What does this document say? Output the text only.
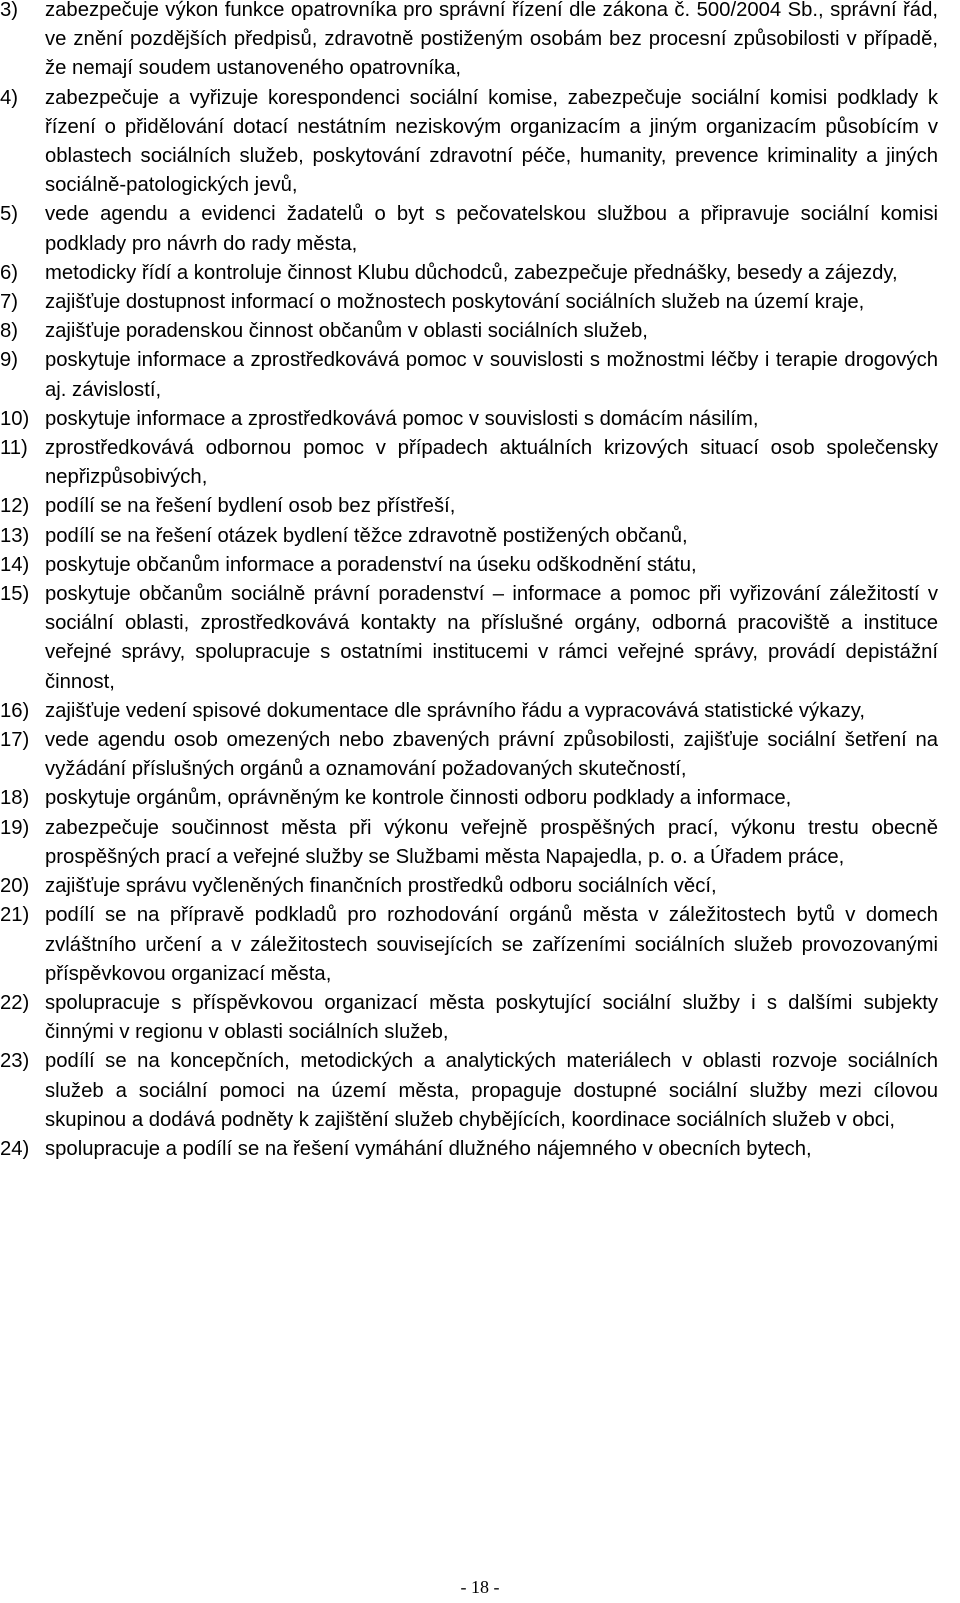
3)	zabezpečuje výkon funkce opatrovníka pro správní řízení dle zákona č. 500/2004 Sb., správní řád, ve znění pozdějších předpisů, zdravotně postiženým osobám bez procesní způsobilosti v případě, že nemají soudem ustanoveného opatrovníka,
4)	zabezpečuje a vyřizuje korespondenci sociální komise, zabezpečuje sociální komisi podklady k řízení o přidělování dotací nestátním neziskovým organizacím a jiným organizacím působícím v oblastech sociálních služeb, poskytování zdravotní péče, humanity, prevence kriminality a jiných sociálně-patologických jevů,
5)	vede agendu a evidenci žadatelů o byt s pečovatelskou službou a připravuje sociální komisi podklady pro návrh do rady města,
6)	metodicky řídí a kontroluje činnost Klubu důchodců, zabezpečuje přednášky, besedy a zájezdy,
7)	zajišťuje dostupnost informací o možnostech poskytování sociálních služeb na území kraje,
8)	zajišťuje poradenskou činnost občanům v oblasti sociálních služeb,
9)	poskytuje informace a zprostředkovává pomoc v souvislosti s možnostmi léčby i terapie drogových aj. závislostí,
10) poskytuje informace a zprostředkovává pomoc v souvislosti s domácím násilím,
11) zprostředkovává odbornou pomoc v případech aktuálních krizových situací osob společensky nepřizpůsobivých,
12) podílí se na řešení bydlení osob bez přístřeší,
13) podílí se na řešení otázek bydlení těžce zdravotně postižených občanů,
14) poskytuje občanům informace a poradenství na úseku odškodnění státu,
15) poskytuje občanům sociálně právní poradenství – informace a pomoc při vyřizování záležitostí v sociální oblasti, zprostředkovává kontakty na příslušné orgány, odborná pracoviště a instituce veřejné správy, spolupracuje s ostatními institucemi v rámci veřejné správy, provádí depistážní činnost,
16) zajišťuje vedení spisové dokumentace dle správního řádu a vypracovává statistické výkazy,
17) vede agendu osob omezených nebo zbavených právní způsobilosti, zajišťuje sociální šetření na vyžádání příslušných orgánů a oznamování požadovaných skutečností,
18) poskytuje orgánům, oprávněným ke kontrole činnosti odboru podklady a informace,
19) zabezpečuje součinnost města při výkonu veřejně prospěšných prací, výkonu trestu obecně prospěšných prací a veřejné služby se Službami města Napajedla, p. o. a Úřadem práce,
20) zajišťuje správu vyčleněných finančních prostředků odboru sociálních věcí,
21) podílí se na přípravě podkladů pro rozhodování orgánů města v záležitostech bytů v domech zvláštního určení a v záležitostech souvisejících se zařízeními sociálních služeb provozovanými příspěvkovou organizací města,
22) spolupracuje s příspěvkovou organizací města poskytující sociální služby i s dalšími subjekty činnými v regionu v oblasti sociálních služeb,
23) podílí se na koncepčních, metodických a analytických materiálech v oblasti rozvoje sociálních služeb a sociální pomoci na území města, propaguje dostupné sociální služby mezi cílovou skupinou a dodává podněty k zajištění služeb chybějících, koordinace sociálních služeb v obci,
24) spolupracuje a podílí se na řešení vymáhání dlužného nájemného v obecních bytech,
- 18 -
